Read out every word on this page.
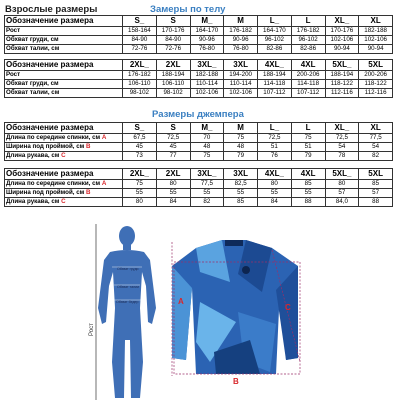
Взрослые размеры	Замеры по телу
Размеры джемпера
Обозначение размера	S_	S	M_	M	L_	L	XL_	XL
Рост	158-164	170-176	164-170	176-182	164-170	176-182	170-176	182-188
Обхват груди, см	84-90	84-90	90-96	90-96	96-102	96-102	102-106	102-106
Обхват талии, см	72-76	72-76	76-80	76-80	82-86	82-86	90-94	90-94
Обозначение размера	2XL_	2XL	3XL_	3XL	4XL_	4XL	5XL_	5XL
Рост	176-182	188-194	182-188	194-200	188-194	200-206	188-194	200-206
Обхват груди, см	106-110	106-110	110-114	110-114	114-118	114-118	118-122	118-122
Обхват талии, см	98-102	98-102	102-106	102-106	107-112	107-112	112-116	112-116
Обозначение размера	S_	S	M_	M	L_	L	XL_	XL
Длина по середине спинки, см A	67,5	72,5	70	75	72,5	75	72,5	77,5
Ширина под проймой, см B	45	45	48	48	51	51	54	54
Длина рукава, см C	73	77	75	79	76	79	78	82
Обозначение размера	2XL_	2XL	3XL_	3XL	4XL_	4XL	5XL_	5XL
Длина по середине спинки, см A	75	80	77,5	82,5	80	85	80	85
Ширина под проймой, см B	55	55	55	55	55	55	57	57
Длина рукава, см C	80	84	82	85	84	88	84,0	88
Обхват груди
Обхват талии
Обхват бедер
Рост
A
B
C
